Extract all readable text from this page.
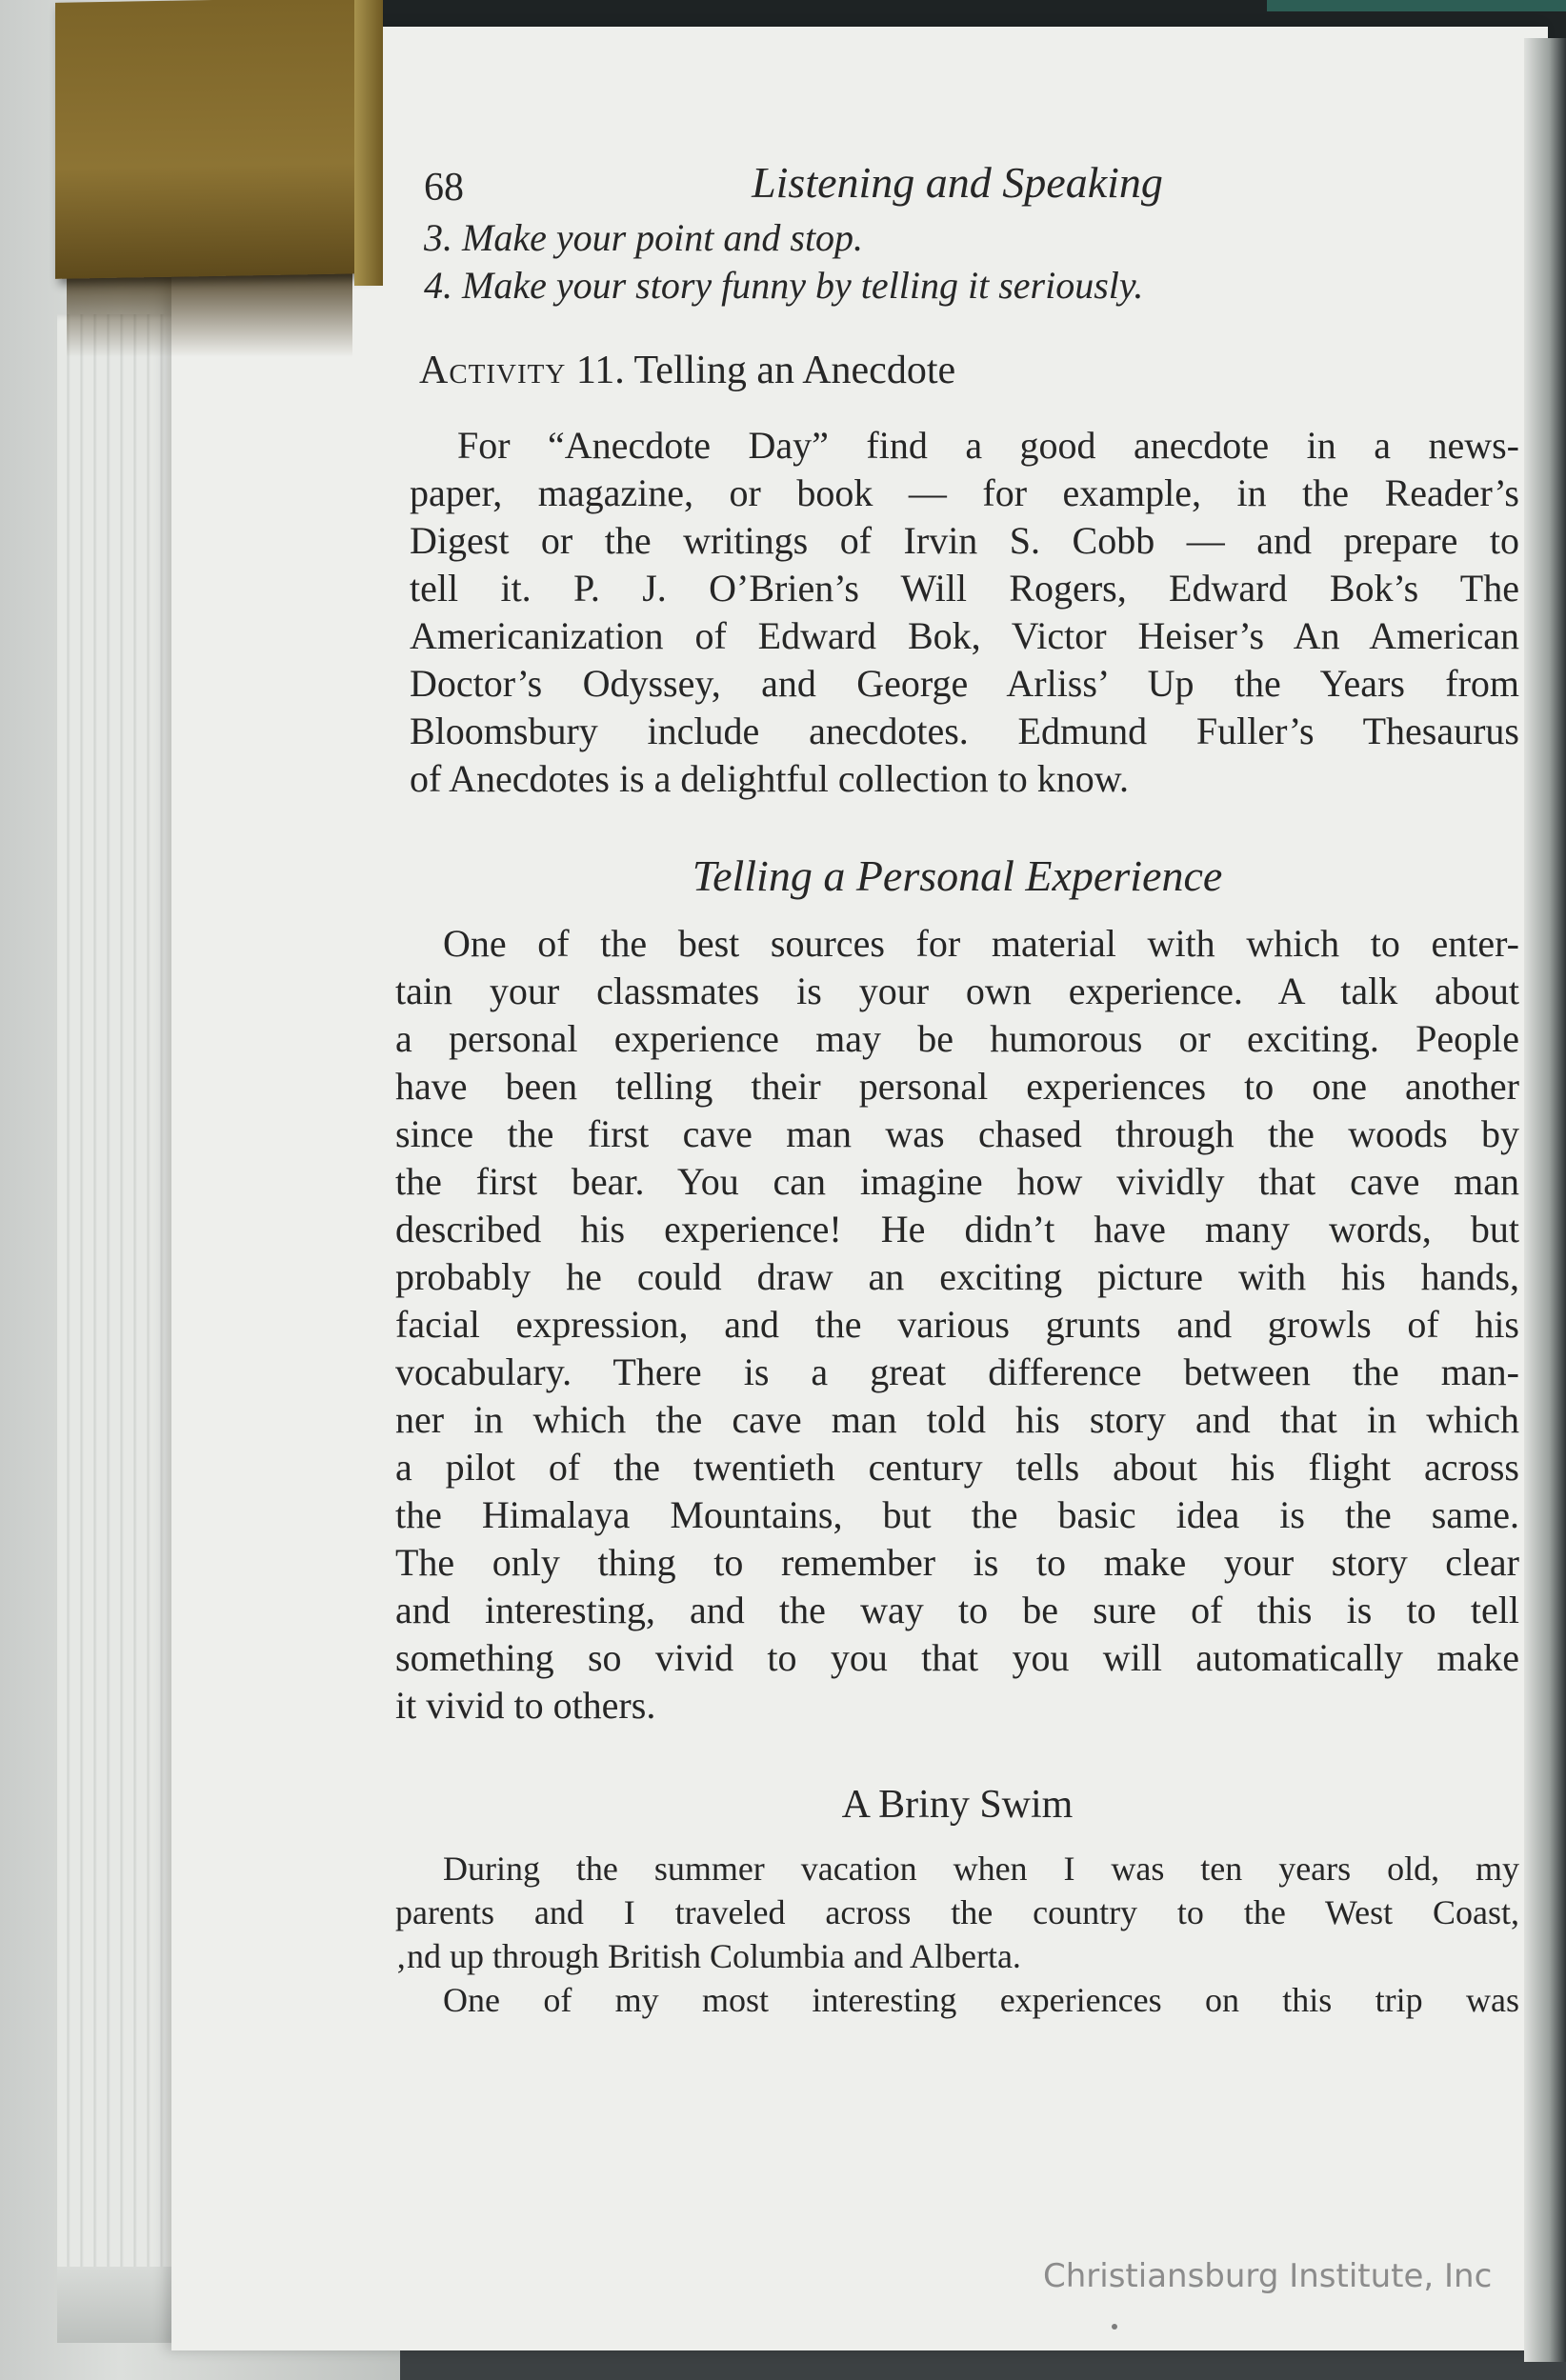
68	Listening and Speaking
3. Make your point and stop.
4. Make your story funny by telling it seriously.
Activity 11. Telling an Anecdote
For “Anecdote Day” find a good anecdote in a news-
paper, magazine, or book — for example, in the Reader’s
Digest or the writings of Irvin S. Cobb — and prepare to
tell it. P. J. O’Brien’s Will Rogers, Edward Bok’s The
Americanization of Edward Bok, Victor Heiser’s An American
Doctor’s Odyssey, and George Arliss’ Up the Years from
Bloomsbury include anecdotes. Edmund Fuller’s Thesaurus
of Anecdotes is a delightful collection to know.
Telling a Personal Experience
One of the best sources for material with which to enter-
tain your classmates is your own experience. A talk about
a personal experience may be humorous or exciting. People
have been telling their personal experiences to one another
since the first cave man was chased through the woods by
the first bear. You can imagine how vividly that cave man
described his experience! He didn’t have many words, but
probably he could draw an exciting picture with his hands,
facial expression, and the various grunts and growls of his
vocabulary. There is a great difference between the man-
ner in which the cave man told his story and that in which
a pilot of the twentieth century tells about his flight across
the Himalaya Mountains, but the basic idea is the same.
The only thing to remember is to make your story clear
and interesting, and the way to be sure of this is to tell
something so vivid to you that you will automatically make
it vivid to others.
A Briny Swim
During the summer vacation when I was ten years old, my
parents and I traveled across the country to the West Coast,
‚nd up through British Columbia and Alberta.
One of my most interesting experiences on this trip was
Christiansburg Institute, Inc
